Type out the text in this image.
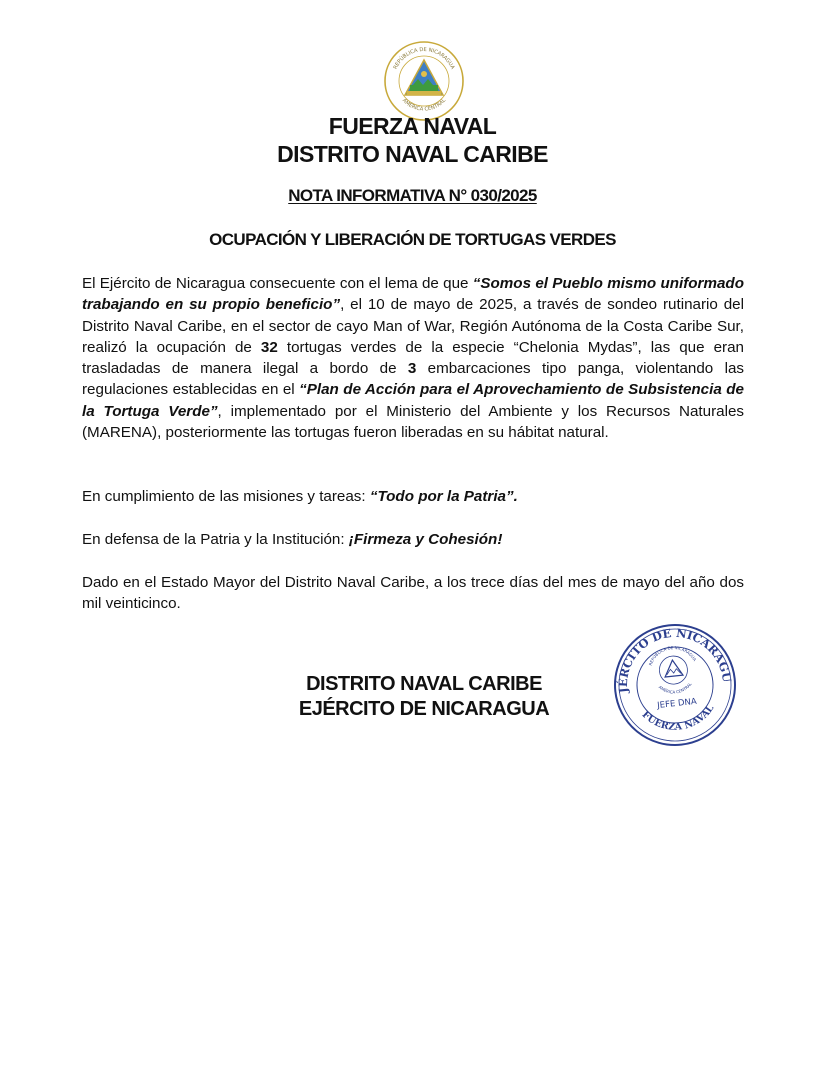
REPÚBLICA DE NICARAGUA
AMÉRICA CENTRAL
FUERZA NAVAL
DISTRITO NAVAL CARIBE
NOTA INFORMATIVA N° 030/2025
OCUPACIÓN Y LIBERACIÓN DE TORTUGAS VERDES

El Ejército de Nicaragua consecuente con el lema de que “Somos el Pueblo mismo uniformado trabajando en su propio beneficio”, el 10 de mayo de 2025, a través de sondeo rutinario del Distrito Naval Caribe, en el sector de cayo Man of War, Región Autónoma de la Costa Caribe Sur, realizó la ocupación de 32 tortugas verdes de la especie “Chelonia Mydas”, las que eran trasladadas de manera ilegal a bordo de 3 embarcaciones tipo panga, violentando las regulaciones establecidas en el “Plan de Acción para el Aprovechamiento de Subsistencia de la Tortuga Verde”, implementado por el Ministerio del Ambiente y los Recursos Naturales (MARENA), posteriormente las tortugas fueron liberadas en su hábitat natural.

En cumplimiento de las misiones y tareas: “Todo por la Patria”.

En defensa de la Patria y la Institución: ¡Firmeza y Cohesión!

Dado en el Estado Mayor del Distrito Naval Caribe, a los trece días del mes de mayo del año dos mil veinticinco.

DISTRITO NAVAL CARIBE
EJÉRCITO DE NICARAGUA
EJÉRCITO DE NICARAGUA
FUERZA NAVAL
REPÚBLICA DE NICARAGUA
AMÉRICA CENTRAL
JEFE DNA
